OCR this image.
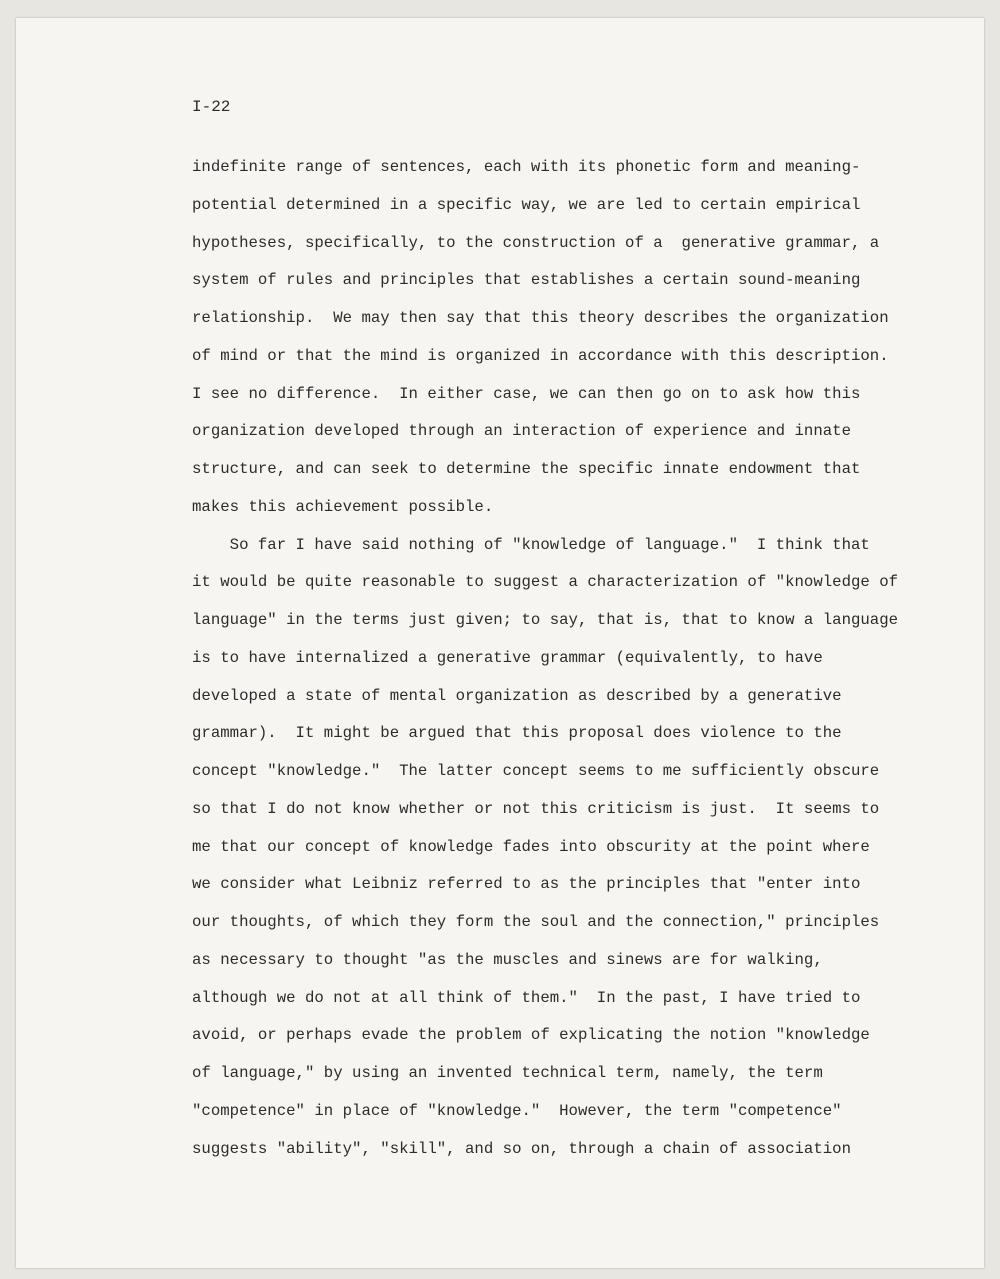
I-22

indefinite range of sentences, each with its phonetic form and meaning-

potential determined in a specific way, we are led to certain empirical

hypotheses, specifically, to the construction of a  generative grammar, a

system of rules and principles that establishes a certain sound-meaning

relationship.  We may then say that this theory describes the organization

of mind or that the mind is organized in accordance with this description.

I see no difference.  In either case, we can then go on to ask how this

organization developed through an interaction of experience and innate

structure, and can seek to determine the specific innate endowment that

makes this achievement possible.

So far I have said nothing of "knowledge of language."  I think that

it would be quite reasonable to suggest a characterization of "knowledge of

language" in the terms just given; to say, that is, that to know a language

is to have internalized a generative grammar (equivalently, to have

developed a state of mental organization as described by a generative

grammar).  It might be argued that this proposal does violence to the

concept "knowledge."  The latter concept seems to me sufficiently obscure

so that I do not know whether or not this criticism is just.  It seems to

me that our concept of knowledge fades into obscurity at the point where

we consider what Leibniz referred to as the principles that "enter into

our thoughts, of which they form the soul and the connection," principles

as necessary to thought "as the muscles and sinews are for walking,

although we do not at all think of them."  In the past, I have tried to

avoid, or perhaps evade the problem of explicating the notion "knowledge

of language," by using an invented technical term, namely, the term

"competence" in place of "knowledge."  However, the term "competence"

suggests "ability", "skill", and so on, through a chain of association
